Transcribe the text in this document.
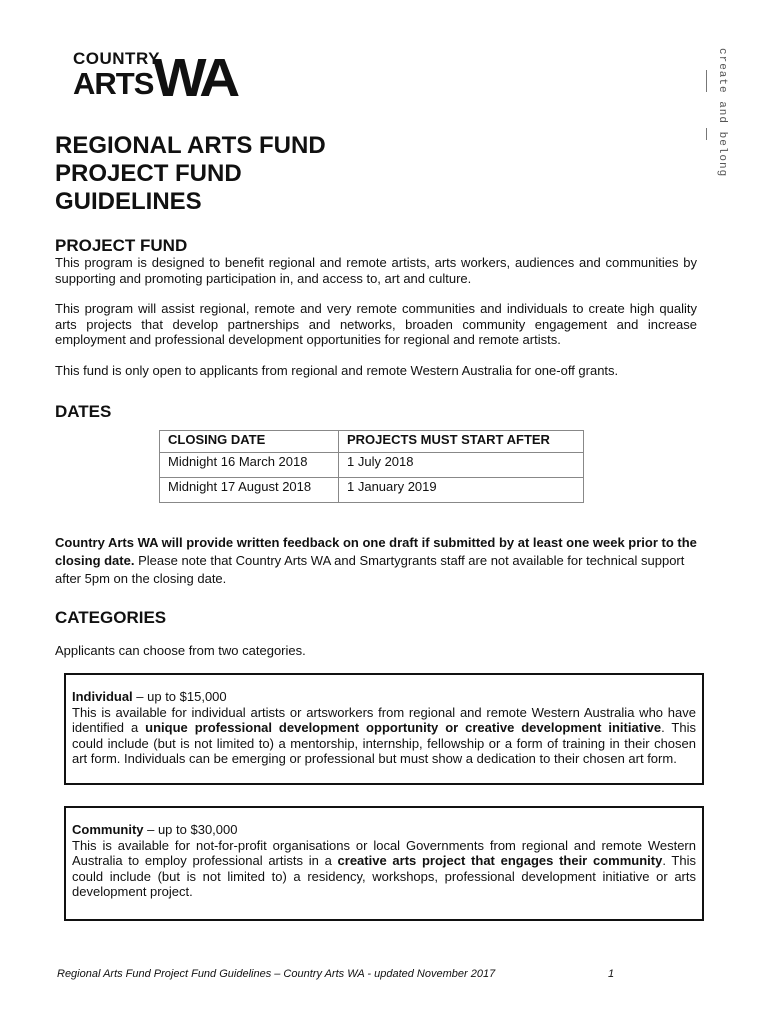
COUNTRY
ARTS WA	create and belong
REGIONAL ARTS FUND
PROJECT FUND
GUIDELINES
PROJECT FUND

This program is designed to benefit regional and remote artists, arts workers, audiences and communities by supporting and promoting participation in, and access to, art and culture.

This program will assist regional, remote and very remote communities and individuals to create high quality arts projects that develop partnerships and networks, broaden community engagement and increase employment and professional development opportunities for regional and remote artists.

This fund is only open to applicants from regional and remote Western Australia for one-off grants.

DATES
CLOSING DATE	PROJECTS MUST START AFTER
Midnight 16 March 2018	1 July 2018
Midnight 17 August 2018	1 January 2019

Country Arts WA will provide written feedback on one draft if submitted by at least one week prior to the closing date. Please note that Country Arts WA and Smartygrants staff are not available for technical support after 5pm on the closing date.

CATEGORIES

Applicants can choose from two categories.

Individual – up to $15,000
This is available for individual artists or artsworkers from regional and remote Western Australia who have identified a unique professional development opportunity or creative development initiative. This could include (but is not limited to) a mentorship, internship, fellowship or a form of training in their chosen art form. Individuals can be emerging or professional but must show a dedication to their chosen art form.

Community – up to $30,000
This is available for not-for-profit organisations or local Governments from regional and remote Western Australia to employ professional artists in a creative arts project that engages their community. This could include (but is not limited to) a residency, workshops, professional development initiative or arts development project.

Regional Arts Fund Project Fund Guidelines – Country Arts WA - updated November 2017	1
